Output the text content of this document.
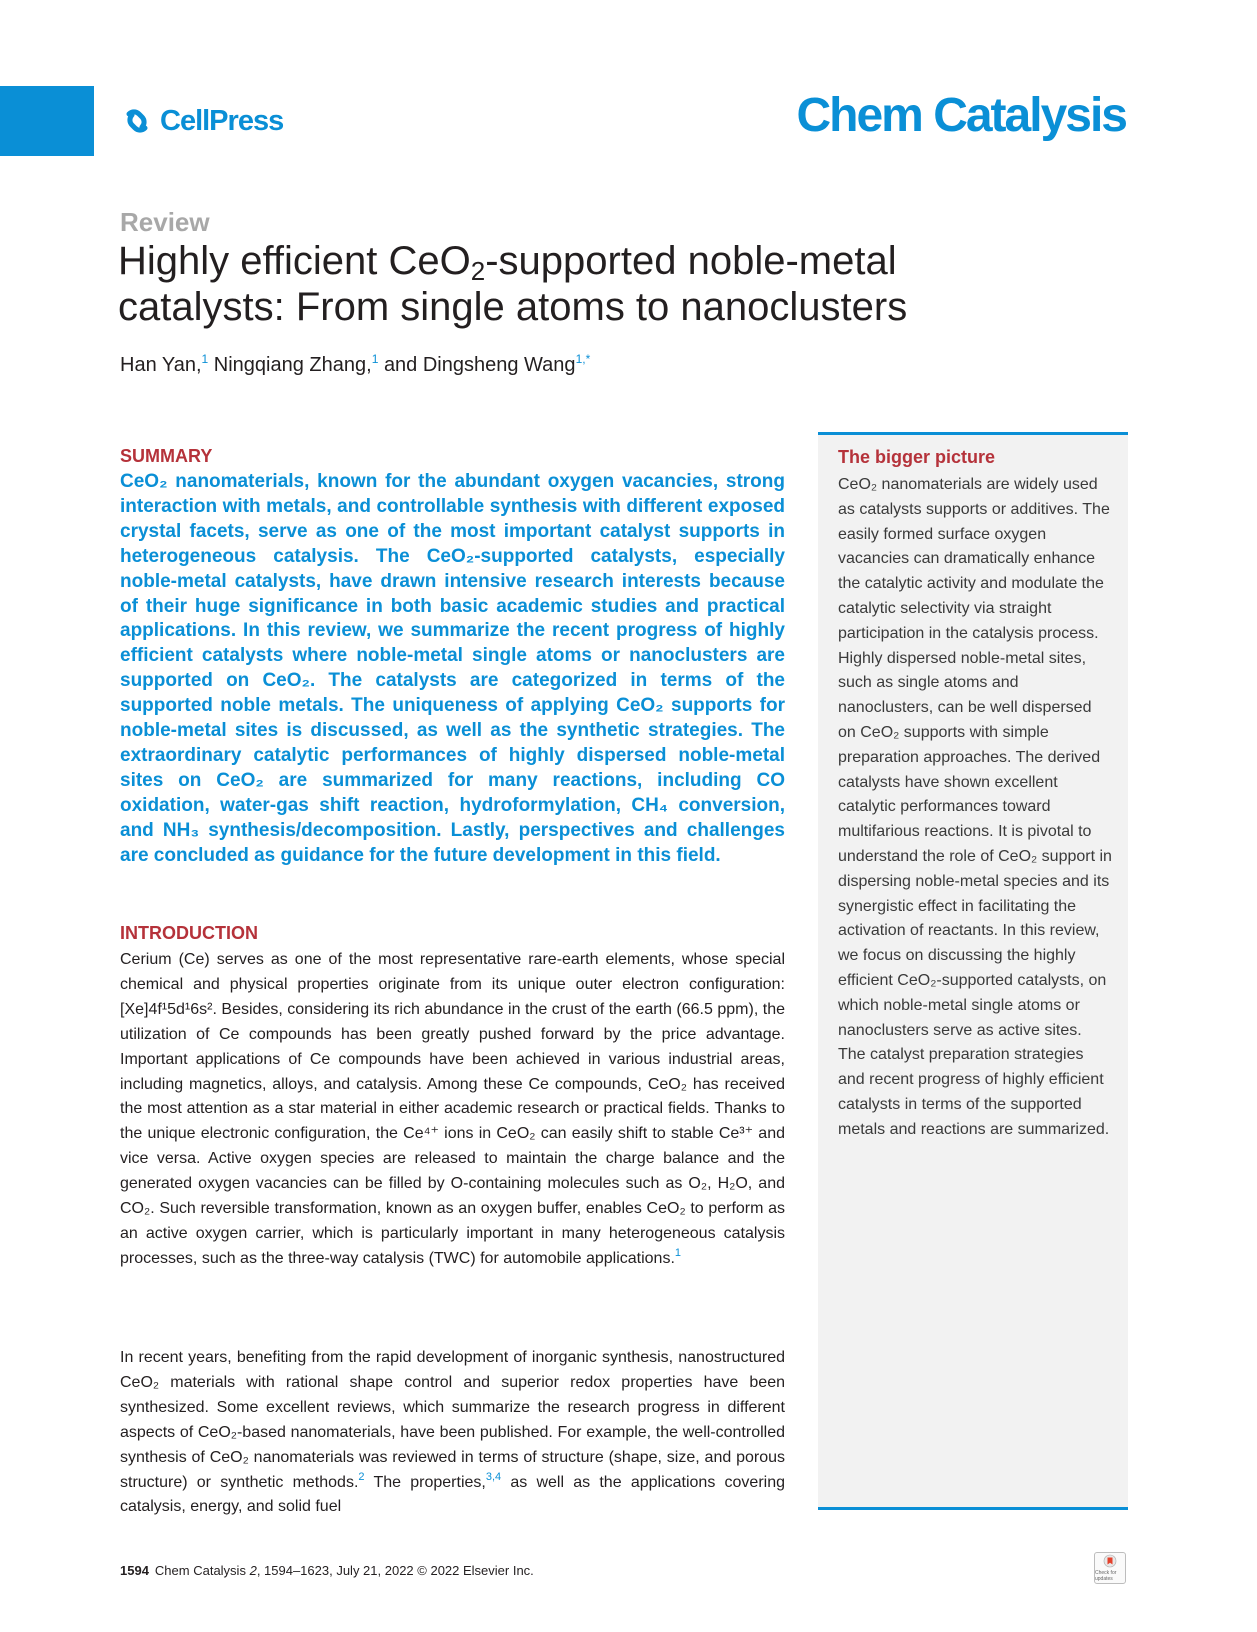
CellPress	Chem Catalysis
Review
Highly efficient CeO$_2$-supported noble-metal catalysts: From single atoms to nanoclusters
Han Yan,$^1$ Ningqiang Zhang,$^1$ and Dingsheng Wang$^{1,*}$
SUMMARY

CeO₂ nanomaterials, known for the abundant oxygen vacancies, strong interaction with metals, and controllable synthesis with different exposed crystal facets, serve as one of the most important catalyst supports in heterogeneous catalysis. The CeO₂-supported catalysts, especially noble-metal catalysts, have drawn intensive research interests because of their huge significance in both basic academic studies and practical applications. In this review, we summarize the recent progress of highly efficient catalysts where noble-metal single atoms or nanoclusters are supported on CeO₂. The catalysts are categorized in terms of the supported noble metals. The uniqueness of applying CeO₂ supports for noble-metal sites is discussed, as well as the synthetic strategies. The extraordinary catalytic performances of highly dispersed noble-metal sites on CeO₂ are summarized for many reactions, including CO oxidation, water-gas shift reaction, hydroformylation, CH₄ conversion, and NH₃ synthesis/decomposition. Lastly, perspectives and challenges are concluded as guidance for the future development in this field.

INTRODUCTION

Cerium (Ce) serves as one of the most representative rare-earth elements, whose special chemical and physical properties originate from its unique outer electron configuration: [Xe]4f¹5d¹6s². Besides, considering its rich abundance in the crust of the earth (66.5 ppm), the utilization of Ce compounds has been greatly pushed forward by the price advantage. Important applications of Ce compounds have been achieved in various industrial areas, including magnetics, alloys, and catalysis. Among these Ce compounds, CeO₂ has received the most attention as a star material in either academic research or practical fields. Thanks to the unique electronic configuration, the Ce⁴⁺ ions in CeO₂ can easily shift to stable Ce³⁺ and vice versa. Active oxygen species are released to maintain the charge balance and the generated oxygen vacancies can be filled by O-containing molecules such as O₂, H₂O, and CO₂. Such reversible transformation, known as an oxygen buffer, enables CeO₂ to perform as an active oxygen carrier, which is particularly important in many heterogeneous catalysis processes, such as the three-way catalysis (TWC) for automobile applications.$^1$

In recent years, benefiting from the rapid development of inorganic synthesis, nanostructured CeO₂ materials with rational shape control and superior redox properties have been synthesized. Some excellent reviews, which summarize the research progress in different aspects of CeO₂-based nanomaterials, have been published. For example, the well-controlled synthesis of CeO₂ nanomaterials was reviewed in terms of structure (shape, size, and porous structure) or synthetic methods.$^2$ The properties,$^{3,4}$ as well as the applications covering catalysis, energy, and solid fuel

The bigger picture

CeO₂ nanomaterials are widely used as catalysts supports or additives. The easily formed surface oxygen vacancies can dramatically enhance the catalytic activity and modulate the catalytic selectivity via straight participation in the catalysis process. Highly dispersed noble-metal sites, such as single atoms and nanoclusters, can be well dispersed on CeO₂ supports with simple preparation approaches. The derived catalysts have shown excellent catalytic performances toward multifarious reactions. It is pivotal to understand the role of CeO₂ support in dispersing noble-metal species and its synergistic effect in facilitating the activation of reactants. In this review, we focus on discussing the highly efficient CeO₂-supported catalysts, on which noble-metal single atoms or nanoclusters serve as active sites. The catalyst preparation strategies and recent progress of highly efficient catalysts in terms of the supported metals and reactions are summarized.

1594 Chem Catalysis 2, 1594–1623, July 21, 2022 © 2022 Elsevier Inc.	Check for updates
